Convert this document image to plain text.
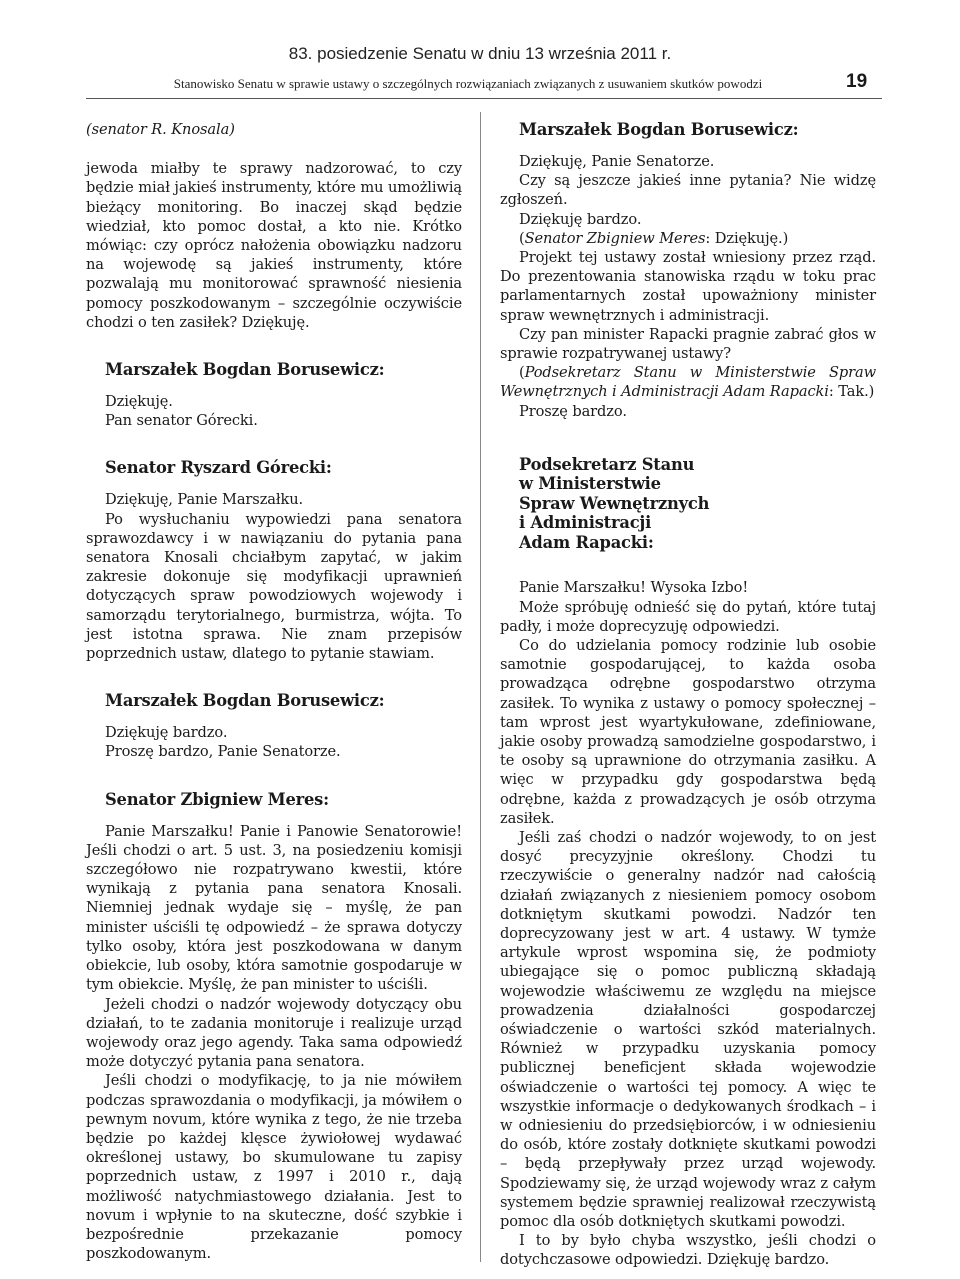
83. posiedzenie Senatu w dniu 13 września 2011 r.
Stanowisko Senatu w sprawie ustawy o szczególnych rozwiązaniach związanych z usuwaniem skutków powodzi	19

(senator R. Knosala)

jewoda miałby te sprawy nadzorować, to czy będzie miał jakieś instrumenty, które mu umożliwią bieżący monitoring. Bo inaczej skąd będzie wiedział, kto pomoc dostał, a kto nie. Krótko mówiąc: czy oprócz nałożenia obowiązku nadzoru na wojewodę są jakieś instrumenty, które pozwalają mu monitorować sprawność niesienia pomocy poszkodowanym – szczególnie oczywiście chodzi o ten zasiłek? Dziękuję.

Marszałek Bogdan Borusewicz:

Dziękuję.

Pan senator Górecki.

Senator Ryszard Górecki:

Dziękuję, Panie Marszałku.

Po wysłuchaniu wypowiedzi pana senatora sprawozdawcy i w nawiązaniu do pytania pana senatora Knosali chciałbym zapytać, w jakim zakresie dokonuje się modyfikacji uprawnień dotyczących spraw powodziowych wojewody i samorządu terytorialnego, burmistrza, wójta. To jest istotna sprawa. Nie znam przepisów poprzednich ustaw, dlatego to pytanie stawiam.

Marszałek Bogdan Borusewicz:

Dziękuję bardzo.

Proszę bardzo, Panie Senatorze.

Senator Zbigniew Meres:

Panie Marszałku! Panie i Panowie Senatorowie! Jeśli chodzi o art. 5 ust. 3, na posiedzeniu komisji szczegółowo nie rozpatrywano kwestii, które wynikają z pytania pana senatora Knosali. Niemniej jednak wydaje się – myślę, że pan minister uściśli tę odpowiedź – że sprawa dotyczy tylko osoby, która jest poszkodowana w danym obiekcie, lub osoby, która samotnie gospodaruje w tym obiekcie. Myślę, że pan minister to uściśli.

Jeżeli chodzi o nadzór wojewody dotyczący obu działań, to te zadania monitoruje i realizuje urząd wojewody oraz jego agendy. Taka sama odpowiedź może dotyczyć pytania pana senatora.

Jeśli chodzi o modyfikację, to ja nie mówiłem podczas sprawozdania o modyfikacji, ja mówiłem o pewnym novum, które wynika z tego, że nie trzeba będzie po każdej klęsce żywiołowej wydawać określonej ustawy, bo skumulowane tu zapisy poprzednich ustaw, z 1997 i 2010 r., dają możliwość natychmiastowego działania. Jest to novum i wpłynie to na skuteczne, dość szybkie i bezpośrednie przekazanie pomocy poszkodowanym.

Marszałek Bogdan Borusewicz:

Dziękuję, Panie Senatorze.

Czy są jeszcze jakieś inne pytania? Nie widzę zgłoszeń.

Dziękuję bardzo.

(Senator Zbigniew Meres: Dziękuję.)

Projekt tej ustawy został wniesiony przez rząd. Do prezentowania stanowiska rządu w toku prac parlamentarnych został upoważniony minister spraw wewnętrznych i administracji.

Czy pan minister Rapacki pragnie zabrać głos w sprawie rozpatrywanej ustawy?

(Podsekretarz Stanu w Ministerstwie Spraw Wewnętrznych i Administracji Adam Rapacki: Tak.)

Proszę bardzo.

Podsekretarz Stanu
w Ministerstwie
Spraw Wewnętrznych
i Administracji
Adam Rapacki:

Panie Marszałku! Wysoka Izbo!

Może spróbuję odnieść się do pytań, które tutaj padły, i może doprecyzuję odpowiedzi.

Co do udzielania pomocy rodzinie lub osobie samotnie gospodarującej, to każda osoba prowadząca odrębne gospodarstwo otrzyma zasiłek. To wynika z ustawy o pomocy społecznej – tam wprost jest wyartykułowane, zdefiniowane, jakie osoby prowadzą samodzielne gospodarstwo, i te osoby są uprawnione do otrzymania zasiłku. A więc w przypadku gdy gospodarstwa będą odrębne, każda z prowadzących je osób otrzyma zasiłek.

Jeśli zaś chodzi o nadzór wojewody, to on jest dosyć precyzyjnie określony. Chodzi tu rzeczywiście o generalny nadzór nad całością działań związanych z niesieniem pomocy osobom dotkniętym skutkami powodzi. Nadzór ten doprecyzowany jest w art. 4 ustawy. W tymże artykule wprost wspomina się, że podmioty ubiegające się o pomoc publiczną składają wojewodzie właściwemu ze względu na miejsce prowadzenia działalności gospodarczej oświadczenie o wartości szkód materialnych. Również w przypadku uzyskania pomocy publicznej beneficjent składa wojewodzie oświadczenie o wartości tej pomocy. A więc te wszystkie informacje o dedykowanych środkach – i w odniesieniu do przedsiębiorców, i w odniesieniu do osób, które zostały dotknięte skutkami powodzi – będą przepływały przez urząd wojewody. Spodziewamy się, że urząd wojewody wraz z całym systemem będzie sprawniej realizował rzeczywistą pomoc dla osób dotkniętych skutkami powodzi.

I to by było chyba wszystko, jeśli chodzi o dotychczasowe odpowiedzi. Dziękuję bardzo.
